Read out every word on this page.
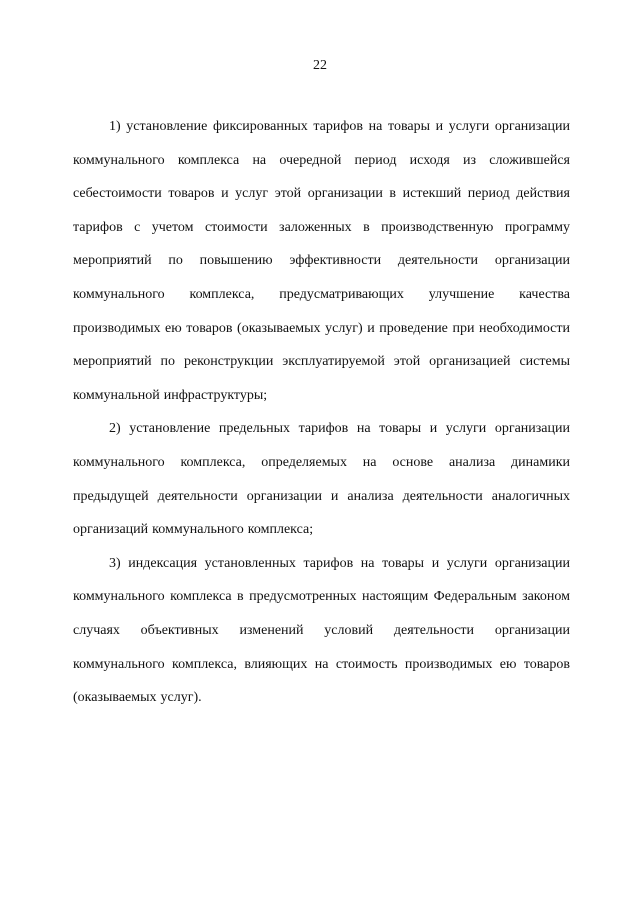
22

1) установление фиксированных тарифов на товары и услуги организации коммунального комплекса на очередной период исходя из сложившейся себестоимости товаров и услуг этой организации в истекший период действия тарифов с учетом стоимости заложенных в производственную программу мероприятий по повышению эффективности деятельности организации коммунального комплекса, предусматривающих улучшение качества производимых ею товаров (оказываемых услуг) и проведение при необходимости мероприятий по реконструкции эксплуатируемой этой организацией системы коммунальной инфраструктуры;

2) установление предельных тарифов на товары и услуги организации коммунального комплекса, определяемых на основе анализа динамики предыдущей деятельности организации и анализа деятельности аналогичных организаций коммунального комплекса;

3) индексация установленных тарифов на товары и услуги организации коммунального комплекса в предусмотренных настоящим Федеральным законом случаях объективных изменений условий деятельности организации коммунального комплекса, влияющих на стоимость производимых ею товаров (оказываемых услуг).
